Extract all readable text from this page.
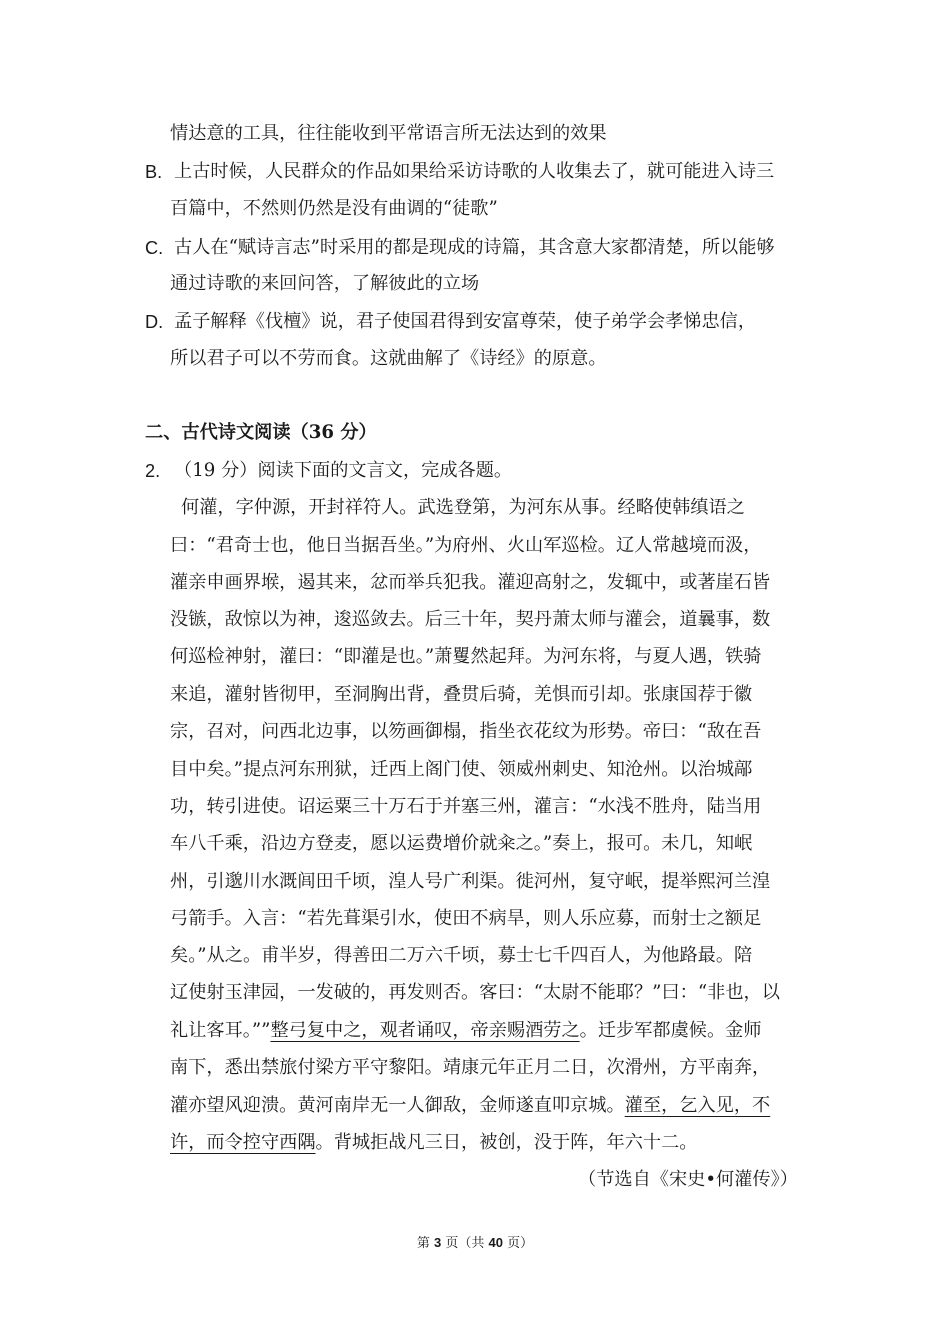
情达意的工具，往往能收到平常语言所无法达到的效果
B. 上古时候，人民群众的作品如果给采访诗歌的人收集去了，就可能进入诗三
百篇中，不然则仍然是没有曲调的“徒歌”
C. 古人在“赋诗言志”时采用的都是现成的诗篇，其含意大家都清楚，所以能够
通过诗歌的来回问答，了解彼此的立场
D. 孟子解释《伐檀》说，君子使国君得到安富尊荣，使子弟学会孝悌忠信，
所以君子可以不劳而食。这就曲解了《诗经》的原意。
二、古代诗文阅读（36 分）
2. （19 分）阅读下面的文言文，完成各题。
何灌，字仲源，开封祥符人。武选登第，为河东从事。经略使韩缜语之
曰：“君奇士也，他日当据吾坐。”为府州、火山军巡检。辽人常越境而汲，
灌亲申画界堠，遏其来，忿而举兵犯我。灌迎高射之，发辄中，或著崖石皆
没镞，敌惊以为神，逡巡敛去。后三十年，契丹萧太师与灌会，道曩事，数
何巡检神射，灌曰：“即灌是也。”萧矍然起拜。为河东将，与夏人遇，铁骑
来追，灌射皆彻甲，至洞胸出背，叠贯后骑，羌惧而引却。张康国荐于徽
宗，召对，问西北边事，以笏画御榻，指坐衣花纹为形势。帝曰：“敌在吾
目中矣。”提点河东刑狱，迁西上阁门使、领威州刺史、知沧州。以治城鄗
功，转引进使。诏运粟三十万石于并塞三州，灌言：“水浅不胜舟，陆当用
车八千乘，沿边方登麦，愿以运费增价就籴之。”奏上，报可。未几，知岷
州，引邈川水溉闾田千顷，湟人号广利渠。徙河州，复守岷，提举熙河兰湟
弓箭手。入言：“若先葺渠引水，使田不病旱，则人乐应募，而射士之额足
矣。”从之。甫半岁，得善田二万六千顷，募士七千四百人，为他路最。陪
辽使射玉津园，一发破的，再发则否。客曰：“太尉不能耶？”曰：“非也，以
礼让客耳。””整弓复中之，观者诵叹，帝亲赐酒劳之。迁步军都虞候。金师
南下，悉出禁旅付梁方平守黎阳。靖康元年正月二日，次滑州，方平南奔，
灌亦望风迎溃。黄河南岸无一人御敌，金师遂直叩京城。灌至，乞入见，不
许，而令控守西隅。背城拒战凡三日，被创，没于阵，年六十二。
（节选自《宋史•何灌传》）
第 3 页（共 40 页）
